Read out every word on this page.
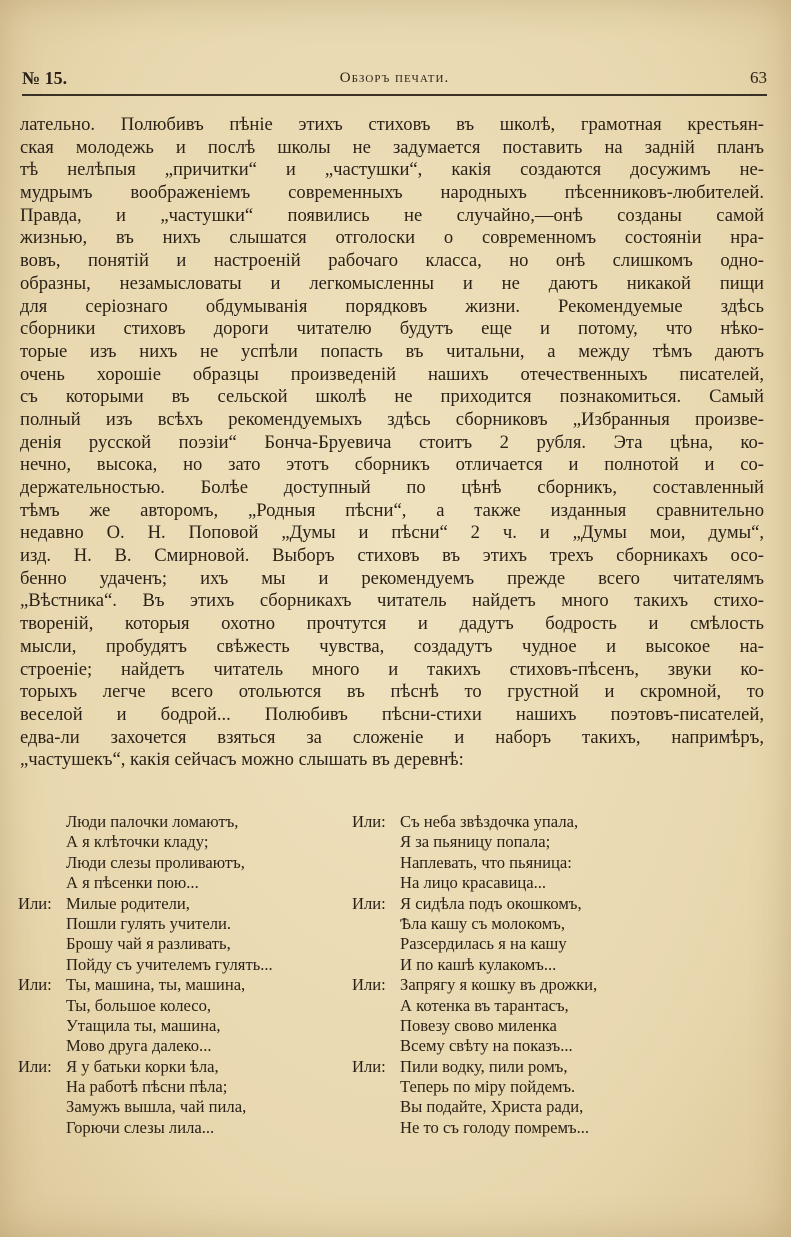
№ 15.	Обзоръ печати.	63
лательно. Полюбивъ пѣніе этихъ стиховъ въ школѣ, грамотная крестьян-
ская молодежь и послѣ школы не задумается поставить на задній планъ
тѣ нелѣпыя „причитки“ и „частушки“, какія создаются досужимъ не-
мудрымъ воображеніемъ современныхъ народныхъ пѣсенниковъ-любителей.
Правда, и „частушки“ появились не случайно,—онѣ созданы самой
жизнью, въ нихъ слышатся отголоски о современномъ состояніи нра-
вовъ, понятій и настроеній рабочаго класса, но онѣ слишкомъ одно-
образны, незамысловаты и легкомысленны и не даютъ никакой пищи
для серіознаго обдумыванія порядковъ жизни. Рекомендуемые здѣсь
сборники стиховъ дороги читателю будутъ еще и потому, что нѣко-
торые изъ нихъ не успѣли попасть въ читальни, а между тѣмъ даютъ
очень хорошіе образцы произведеній нашихъ отечественныхъ писателей,
съ которыми въ сельской школѣ не приходится познакомиться. Самый
полный изъ всѣхъ рекомендуемыхъ здѣсь сборниковъ „Избранныя произве-
денія русской поэзіи“ Бонча-Бруевича стоитъ 2 рубля. Эта цѣна, ко-
нечно, высока, но зато этотъ сборникъ отличается и полнотой и со-
держательностью. Болѣе доступный по цѣнѣ сборникъ, составленный
тѣмъ же авторомъ, „Родныя пѣсни“, а также изданныя сравнительно
недавно О. Н. Поповой „Думы и пѣсни“ 2 ч. и „Думы мои, думы“,
изд. Н. В. Смирновой. Выборъ стиховъ въ этихъ трехъ сборникахъ осо-
бенно удаченъ; ихъ мы и рекомендуемъ прежде всего читателямъ
„Вѣстника“. Въ этихъ сборникахъ читатель найдетъ много такихъ стихо-
твореній, которыя охотно прочтутся и дадутъ бодрость и смѣлость
мысли, пробудятъ свѣжесть чувства, создадутъ чудное и высокое на-
строеніе; найдетъ читатель много и такихъ стиховъ-пѣсенъ, звуки ко-
торыхъ легче всего отольются въ пѣснѣ то грустной и скромной, то
веселой и бодрой... Полюбивъ пѣсни-стихи нашихъ поэтовъ-писателей,
едва-ли захочется взяться за сложеніе и наборъ такихъ, напримѣръ,
„частушекъ“, какія сейчасъ можно слышать въ деревнѣ:
Люди палочки ломаютъ,
А я клѣточки кладу;
Люди слезы проливаютъ,
А я пѣсенки пою...
Или: Милые родители,
Пошли гулять учители.
Брошу чай я разливать,
Пойду съ учителемъ гулять...
Или: Ты, машина, ты, машина,
Ты, большое колесо,
Утащила ты, машина,
Мово друга далеко...
Или: Я у батьки корки ѣла,
На работѣ пѣсни пѣла;
Замужъ вышла, чай пила,
Горючи слезы лила...
Или: Съ неба звѣздочка упала,
Я за пьяницу попала;
Наплевать, что пьяница:
На лицо красавица...
Или: Я сидѣла подъ окошкомъ,
Ѣла кашу съ молокомъ,
Разсердилась я на кашу
И по кашѣ кулакомъ...
Или: Запрягу я кошку въ дрожки,
А котенка въ тарантасъ,
Повезу свово миленка
Всему свѣту на показъ...
Или: Пили водку, пили ромъ,
Теперь по міру пойдемъ.
Вы подайте, Христа ради,
Не то съ голоду помремъ...
